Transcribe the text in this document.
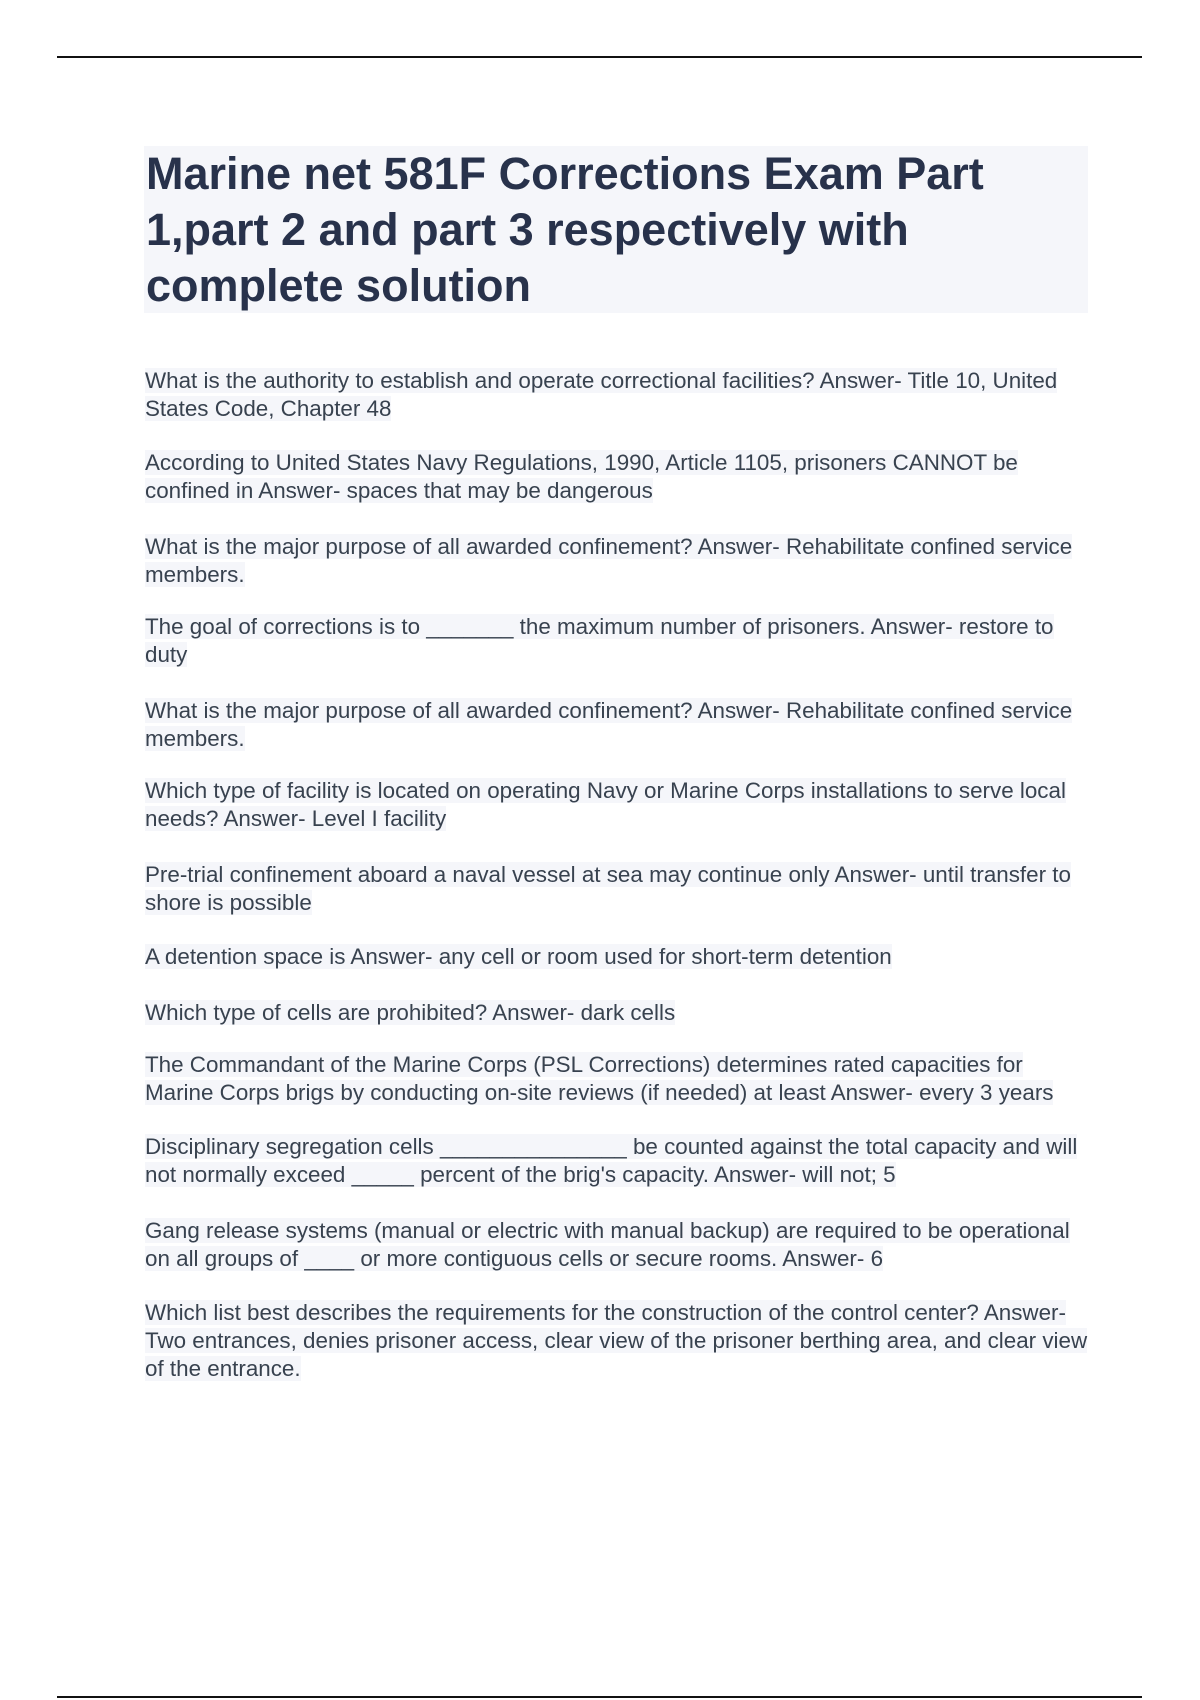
Marine net 581F Corrections Exam Part 1,part 2 and part 3 respectively with complete solution

What is the authority to establish and operate correctional facilities? Answer- Title 10, United States Code, Chapter 48

According to United States Navy Regulations, 1990, Article 1105, prisoners CANNOT be confined in Answer- spaces that may be dangerous

What is the major purpose of all awarded confinement? Answer- Rehabilitate confined service members.

The goal of corrections is to _______ the maximum number of prisoners. Answer- restore to duty

What is the major purpose of all awarded confinement? Answer- Rehabilitate confined service members.

Which type of facility is located on operating Navy or Marine Corps installations to serve local needs? Answer- Level I facility

Pre-trial confinement aboard a naval vessel at sea may continue only Answer- until transfer to shore is possible

A detention space is Answer- any cell or room used for short-term detention

Which type of cells are prohibited? Answer- dark cells

The Commandant of the Marine Corps (PSL Corrections) determines rated capacities for Marine Corps brigs by conducting on-site reviews (if needed) at least Answer- every 3 years

Disciplinary segregation cells _______________ be counted against the total capacity and will not normally exceed _____ percent of the brig's capacity. Answer- will not; 5

Gang release systems (manual or electric with manual backup) are required to be operational on all groups of ____ or more contiguous cells or secure rooms. Answer- 6

Which list best describes the requirements for the construction of the control center? Answer- Two entrances, denies prisoner access, clear view of the prisoner berthing area, and clear view of the entrance.
